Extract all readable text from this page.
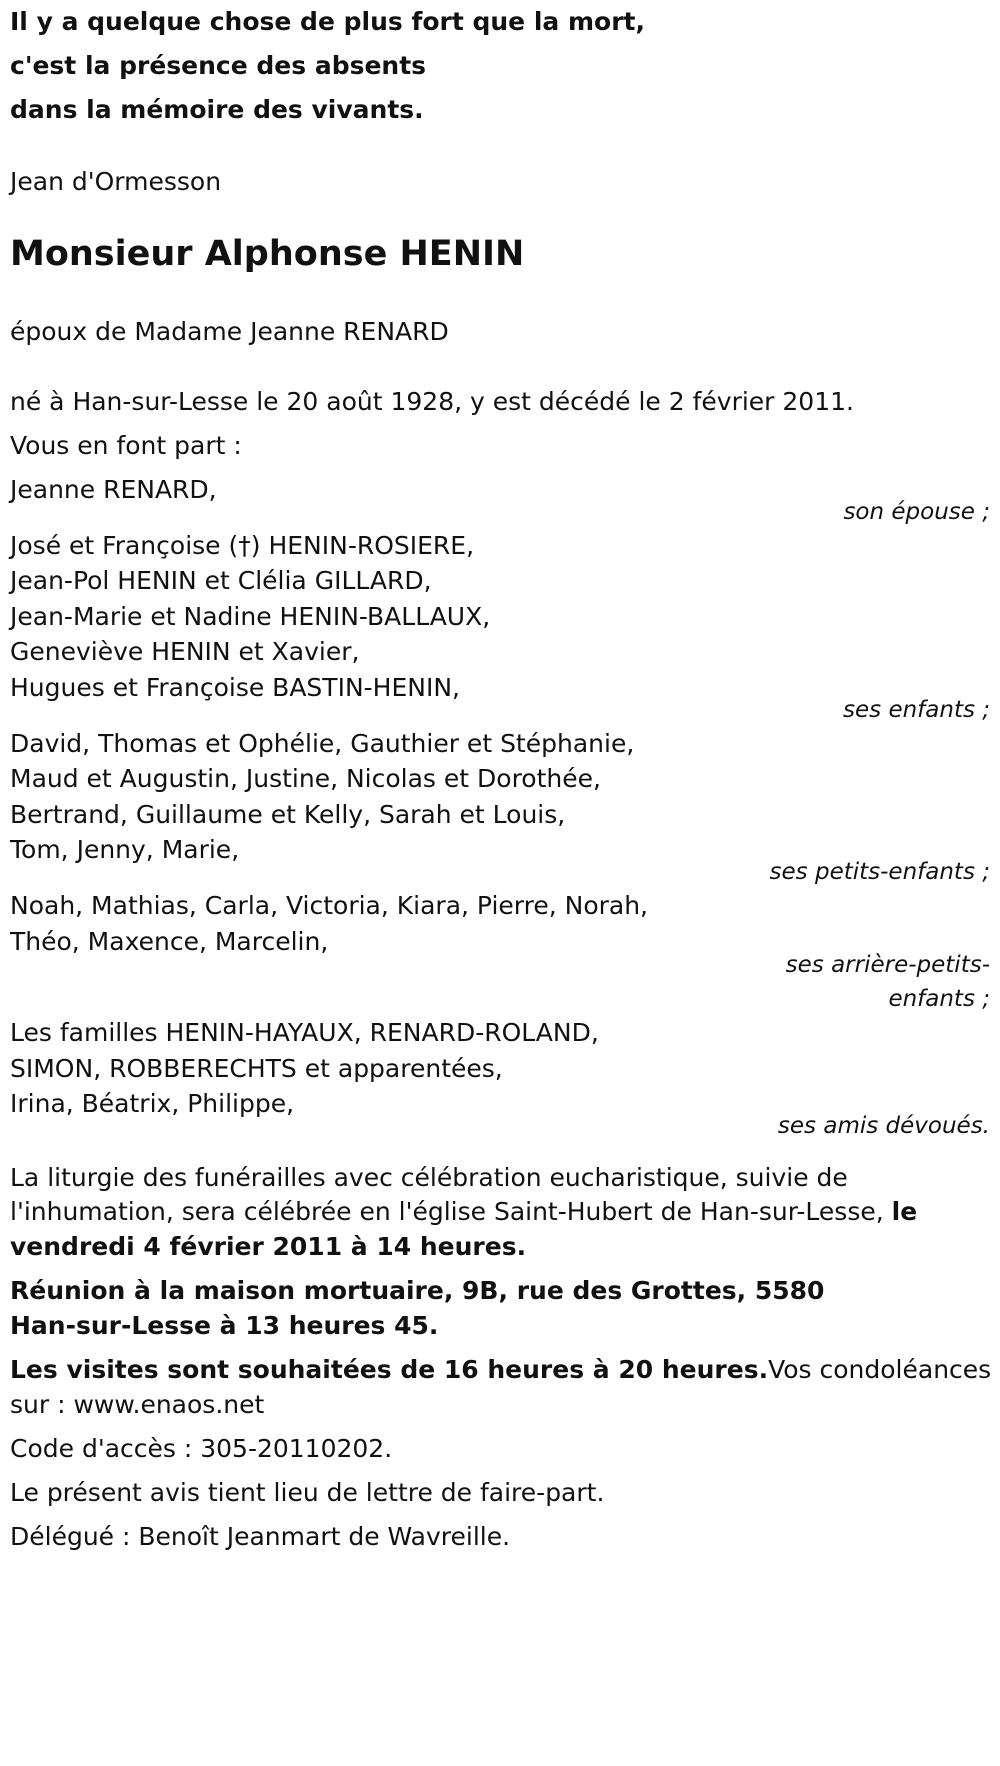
Il y a quelque chose de plus fort que la mort,
c'est la présence des absents
dans la mémoire des vivants.
Jean d'Ormesson
Monsieur Alphonse HENIN
époux de Madame Jeanne RENARD
né à Han-sur-Lesse le 20 août 1928, y est décédé le 2 février 2011.
Vous en font part :
Jeanne RENARD,
son épouse ;
José et Françoise (†) HENIN-ROSIERE,
Jean-Pol HENIN et Clélia GILLARD,
Jean-Marie et Nadine HENIN-BALLAUX,
Geneviève HENIN et Xavier,
Hugues et Françoise BASTIN-HENIN,
ses enfants ;
David, Thomas et Ophélie, Gauthier et Stéphanie,
Maud et Augustin, Justine, Nicolas et Dorothée,
Bertrand, Guillaume et Kelly, Sarah et Louis,
Tom, Jenny, Marie,
ses petits-enfants ;
Noah, Mathias, Carla, Victoria, Kiara, Pierre, Norah,
Théo, Maxence, Marcelin,
ses arrière-petits-
enfants ;
Les familles HENIN-HAYAUX, RENARD-ROLAND,
SIMON, ROBBERECHTS et apparentées,
Irina, Béatrix, Philippe,
ses amis dévoués.
La liturgie des funérailles avec célébration eucharistique, suivie de
l'inhumation, sera célébrée en l'église Saint-Hubert de Han-sur-Lesse, le
vendredi 4 février 2011 à 14 heures.
Réunion à la maison mortuaire, 9B, rue des Grottes, 5580
Han-sur-Lesse à 13 heures 45.
Les visites sont souhaitées de 16 heures à 20 heures.Vos condoléances
sur : www.enaos.net
Code d'accès : 305-20110202.
Le présent avis tient lieu de lettre de faire-part.
Délégué : Benoît Jeanmart de Wavreille.
